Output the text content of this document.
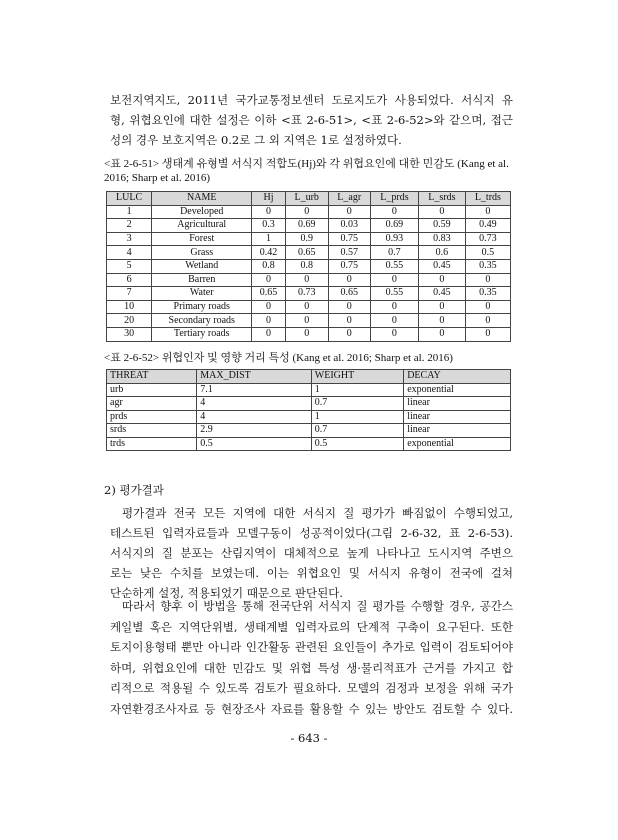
보전지역지도, 2011년 국가교통정보센터 도로지도가 사용되었다. 서식지 유
형, 위협요인에 대한 설정은 이하 <표 2-6-51>, <표 2-6-52>와 같으며, 접근
성의 경우 보호지역은 0.2로 그 외 지역은 1로 설정하였다.
<표 2-6-51> 생태계 유형별 서식지 적합도(Hj)와 각 위협요인에 대한 민감도 (Kang et al. 2016; Sharp et al. 2016)
LULC	NAME	Hj	L_urb	L_agr	L_prds	L_srds	L_trds
1	Developed	0	0	0	0	0	0
2	Agricultural	0.3	0.69	0.03	0.69	0.59	0.49
3	Forest	1	0.9	0.75	0.93	0.83	0.73
4	Grass	0.42	0.65	0.57	0.7	0.6	0.5
5	Wetland	0.8	0.8	0.75	0.55	0.45	0.35
6	Barren	0	0	0	0	0	0
7	Water	0.65	0.73	0.65	0.55	0.45	0.35
10	Primary roads	0	0	0	0	0	0
20	Secondary roads	0	0	0	0	0	0
30	Tertiary roads	0	0	0	0	0	0
<표 2-6-52> 위협인자 및 영향 거리 특성 (Kang et al. 2016; Sharp et al. 2016)
THREAT	MAX_DIST	WEIGHT	DECAY
urb	7.1	1	exponential
agr	4	0.7	linear
prds	4	1	linear
srds	2.9	0.7	linear
trds	0.5	0.5	exponential
2) 평가결과
평가결과 전국 모든 지역에 대한 서식지 질 평가가 빠짐없이 수행되었고,
테스트된 입력자료들과 모델구동이 성공적이었다(그림 2-6-32, 표 2-6-53).
서식지의 질 분포는 산림지역이 대체적으로 높게 나타나고 도시지역 주변으
로는 낮은 수치를 보였는데. 이는 위협요인 및 서식지 유형이 전국에 걸쳐
단순하게 설정, 적용되었기 때문으로 판단된다.
따라서 향후 이 방법을 통해 전국단위 서식지 질 평가를 수행할 경우, 공간스
케일별 혹은 지역단위별, 생태계별 입력자료의 단계적 구축이 요구된다. 또한
토지이용형태 뿐만 아니라 인간활동 관련된 요인들이 추가로 입력이 검토되어야
하며, 위협요인에 대한 민감도 및 위협 특성 생·물리적표가 근거를 가지고 합
리적으로 적용될 수 있도록 검토가 필요하다. 모델의 검정과 보정을 위해 국가
자연환경조사자료 등 현장조사 자료를 활용할 수 있는 방안도 검토할 수 있다.
- 643 -
